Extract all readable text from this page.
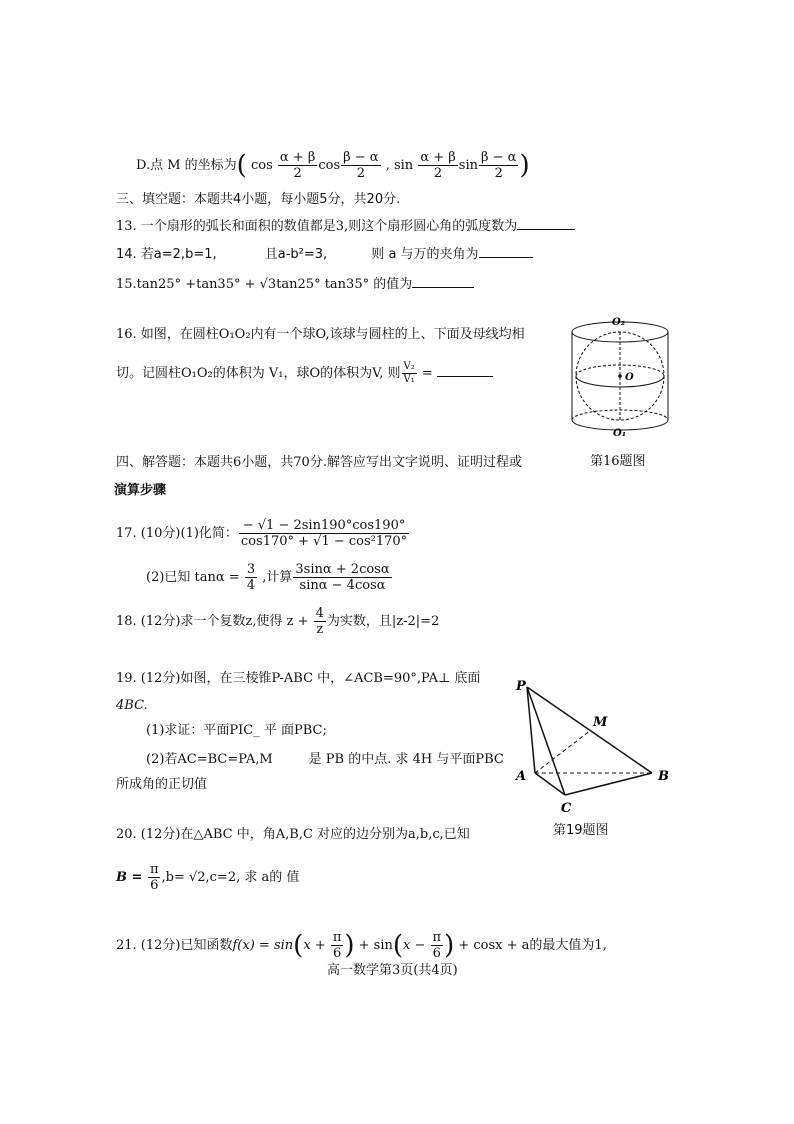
D.点 M 的坐标为( $\cos \frac{\alpha + \beta}{2}$ $\cos \frac{\beta - \alpha}{2}$ , $\sin \frac{\alpha + \beta}{2}$ $\sin \frac{\beta - \alpha}{2}$ )
三、填空题：本题共4小题，每小题5分，共20分.
13. 一个扇形的弧长和面积的数值都是3,则这个扇形圆心角的弧度数为
14. 若a=2,b=1,	且a-b²=3,	则 a 与万的夹角为
15.tan25° +tan35° + √3tan25° tan35° 的值为
16. 如图，在圆柱O₁O₂内有一个球O,该球与圆柱的上、下面及母线均相
切。记圆柱O₁O₂的体积为 V₁，球O的体积为V, 则 $\frac{\text{V₂}}{\text{V₁}}$ =
O₂
O
O₁
第16题图
四、解答题：本题共6小题，共70分.解答应写出文字说明、证明过程或
演算步骤
17. (10分)(1)化简： $\frac{- √1 - 2\sin 190^\circ\cos 190^\circ}{\text{cos170° + √1 − cos²170°}}$
(2)已知 $\tan\alpha = \frac{3}{4}$ ,计算 $\frac{3\sin\alpha + 2\cos\alpha}{\sin\alpha - 4\cos\alpha}$
18. (12分)求一个复数z,使得 $z + \frac{4}{z}$ 为实数，且|z-2|=2
19. (12分)如图，在三棱锥P-ABC 中，∠ACB=90°,PA⊥ 底面
4BC.
(1)求证：平面PIC_ 平 面PBC;
(2)若AC=BC=PA,M	是 PB 的中点. 求 4H 与平面PBC
所成角的正切值
P
M
A	B
C
第19题图
20. (12分)在△ABC 中，角A,B,C 对应的边分别为a,b,c,已知
$B = \frac{\pi}{6} ,b= √2,c=2$, 求 a的 值
21. (12分)已知函数$f(x) = \sin(x + \frac{\pi}{6}$ ) + $\sin(x - \frac{\pi}{6}$ ) + cosx + a的最大值为1,
高一数学第3页(共4页)
